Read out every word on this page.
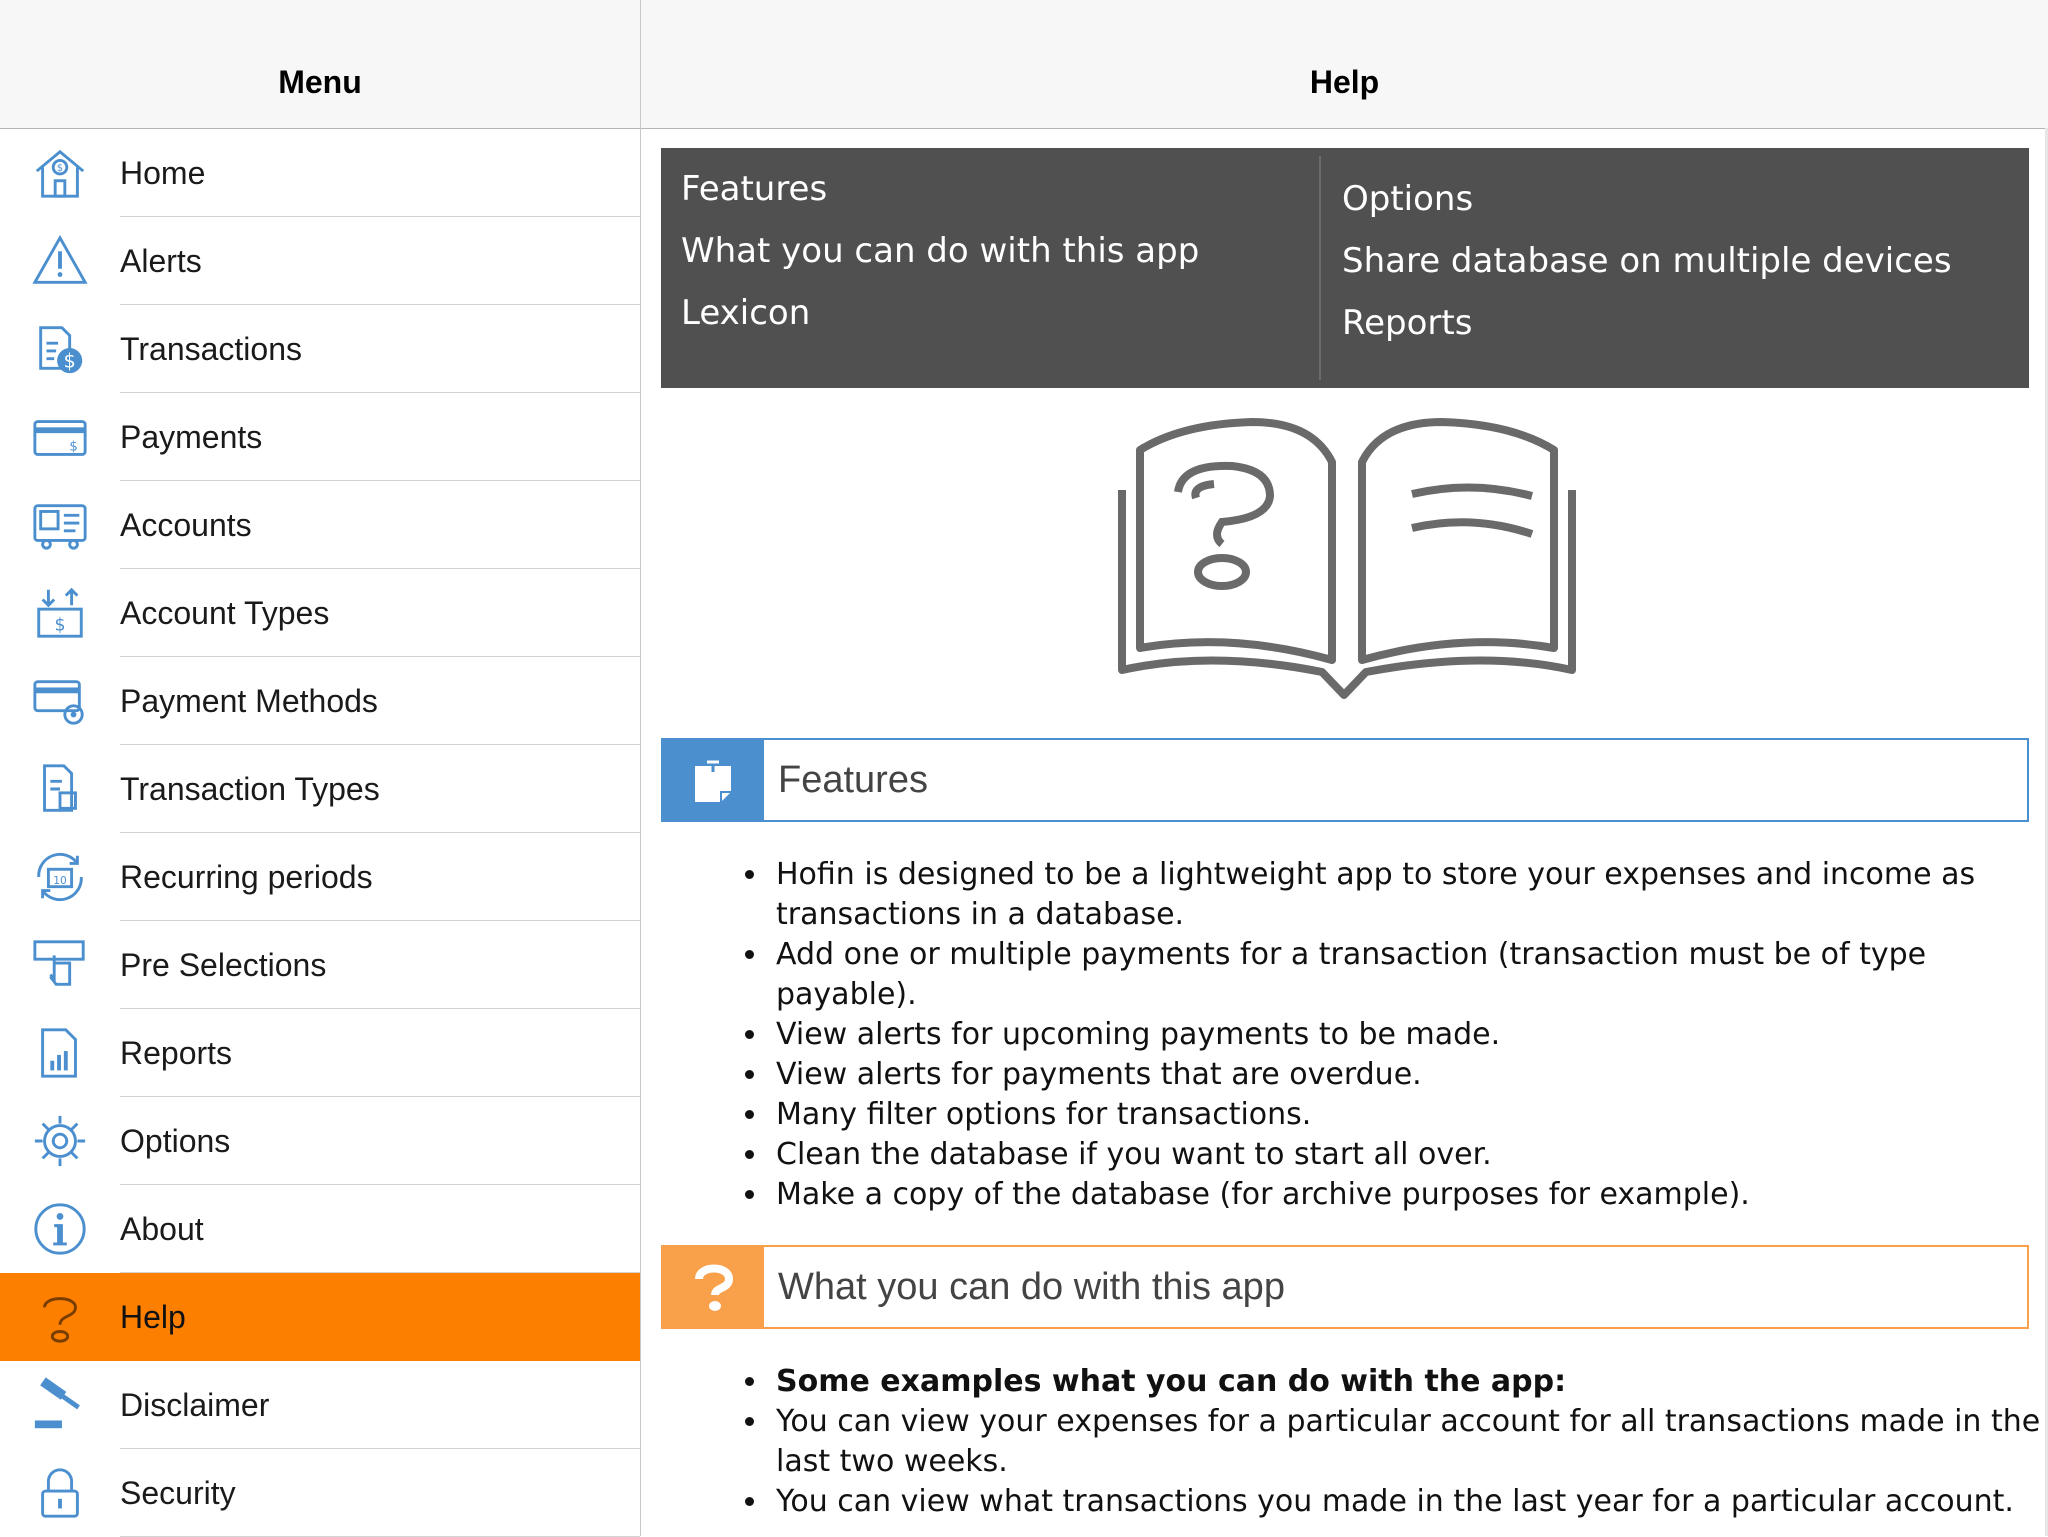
Menu
$ Home
Alerts
$ Transactions
$ Payments
Accounts
$ Account Types
Payment Methods
Transaction Types
10 Recurring periods
Pre Selections
Reports
Options
About
Help
Disclaimer
Security
Help
Features
What you can do with this app
Lexicon
Options
Share database on multiple devices
Reports
Features
• Hofin is designed to be a lightweight app to store your expenses and income as transactions in a database.
• Add one or multiple payments for a transaction (transaction must be of type payable).
• View alerts for upcoming payments to be made.
• View alerts for payments that are overdue.
• Many filter options for transactions.
• Clean the database if you want to start all over.
• Make a copy of the database (for archive purposes for example).
What you can do with this app
• Some examples what you can do with the app:
• You can view your expenses for a particular account for all transactions made in the last two weeks.
• You can view what transactions you made in the last year for a particular account.
